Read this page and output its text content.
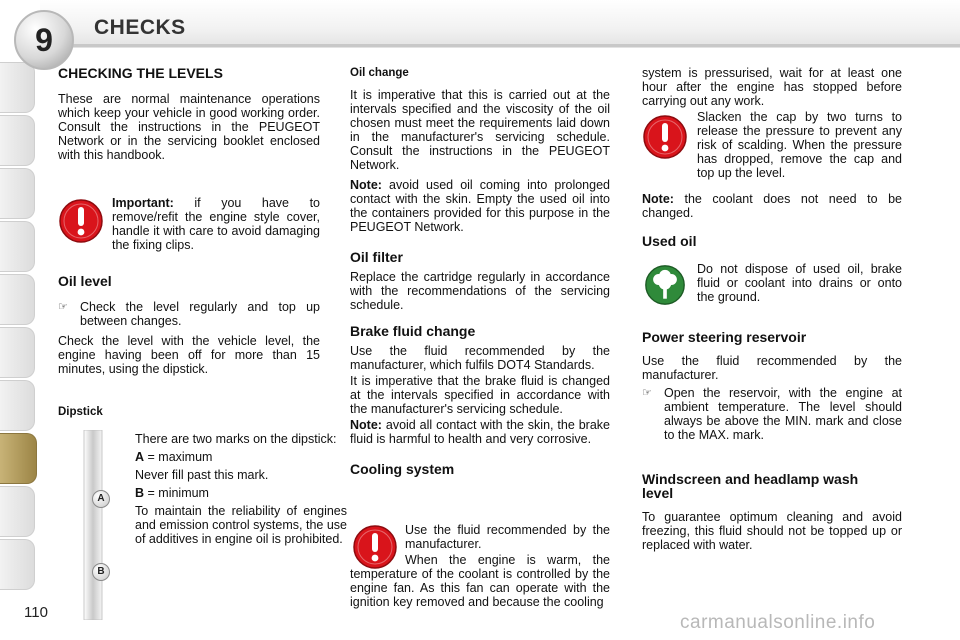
9	CHECKS
CHECKING THE LEVELS

These are normal maintenance operations which keep your vehicle in good working order. Consult the instructions in the PEUGEOT Network or in the servicing booklet enclosed with this handbook.

Important: if you have to remove/refit the engine style cover, handle it with care to avoid damaging the fixing clips.

Oil level
☞ Check the level regularly and top up between changes.

Check the level with the vehicle level, the engine having been off for more than 15 minutes, using the dipstick.

Dipstick
A
B

There are two marks on the dipstick:

A = maximum

Never fill past this mark.

B = minimum

To maintain the reliability of engines and emission control systems, the use of additives in engine oil is prohibited.

Oil change

It is imperative that this is carried out at the intervals specified and the viscosity of the oil chosen must meet the requirements laid down in the manufacturer's servicing schedule. Consult the instructions in the PEUGEOT Network.

Note: avoid used oil coming into prolonged contact with the skin. Empty the used oil into the containers provided for this purpose in the PEUGEOT Network.

Oil filter

Replace the cartridge regularly in accordance with the recommendations of the servicing schedule.

Brake fluid change

Use the fluid recommended by the manufacturer, which fulfils DOT4 Standards.

It is imperative that the brake fluid is changed at the intervals specified in accordance with the manufacturer's servicing schedule.

Note: avoid all contact with the skin, the brake fluid is harmful to health and very corrosive.

Cooling system

Use the fluid recommended by the manufacturer.

When the engine is warm, the temperature of the coolant is controlled by the engine fan. As this fan can operate with the ignition key removed and because the cooling

system is pressurised, wait for at least one hour after the engine has stopped before carrying out any work.

Slacken the cap by two turns to release the pressure to prevent any risk of scalding. When the pressure has dropped, remove the cap and top up the level.

Note: the coolant does not need to be changed.

Used oil

Do not dispose of used oil, brake fluid or coolant into drains or onto the ground.

Power steering reservoir

Use the fluid recommended by the manufacturer.

☞ Open the reservoir, with the engine at ambient temperature. The level should always be above the MIN. mark and close to the MAX. mark.

Windscreen and headlamp wash level

To guarantee optimum cleaning and avoid freezing, this fluid should not be topped up or replaced with water.

110	carmanualsonline.info
